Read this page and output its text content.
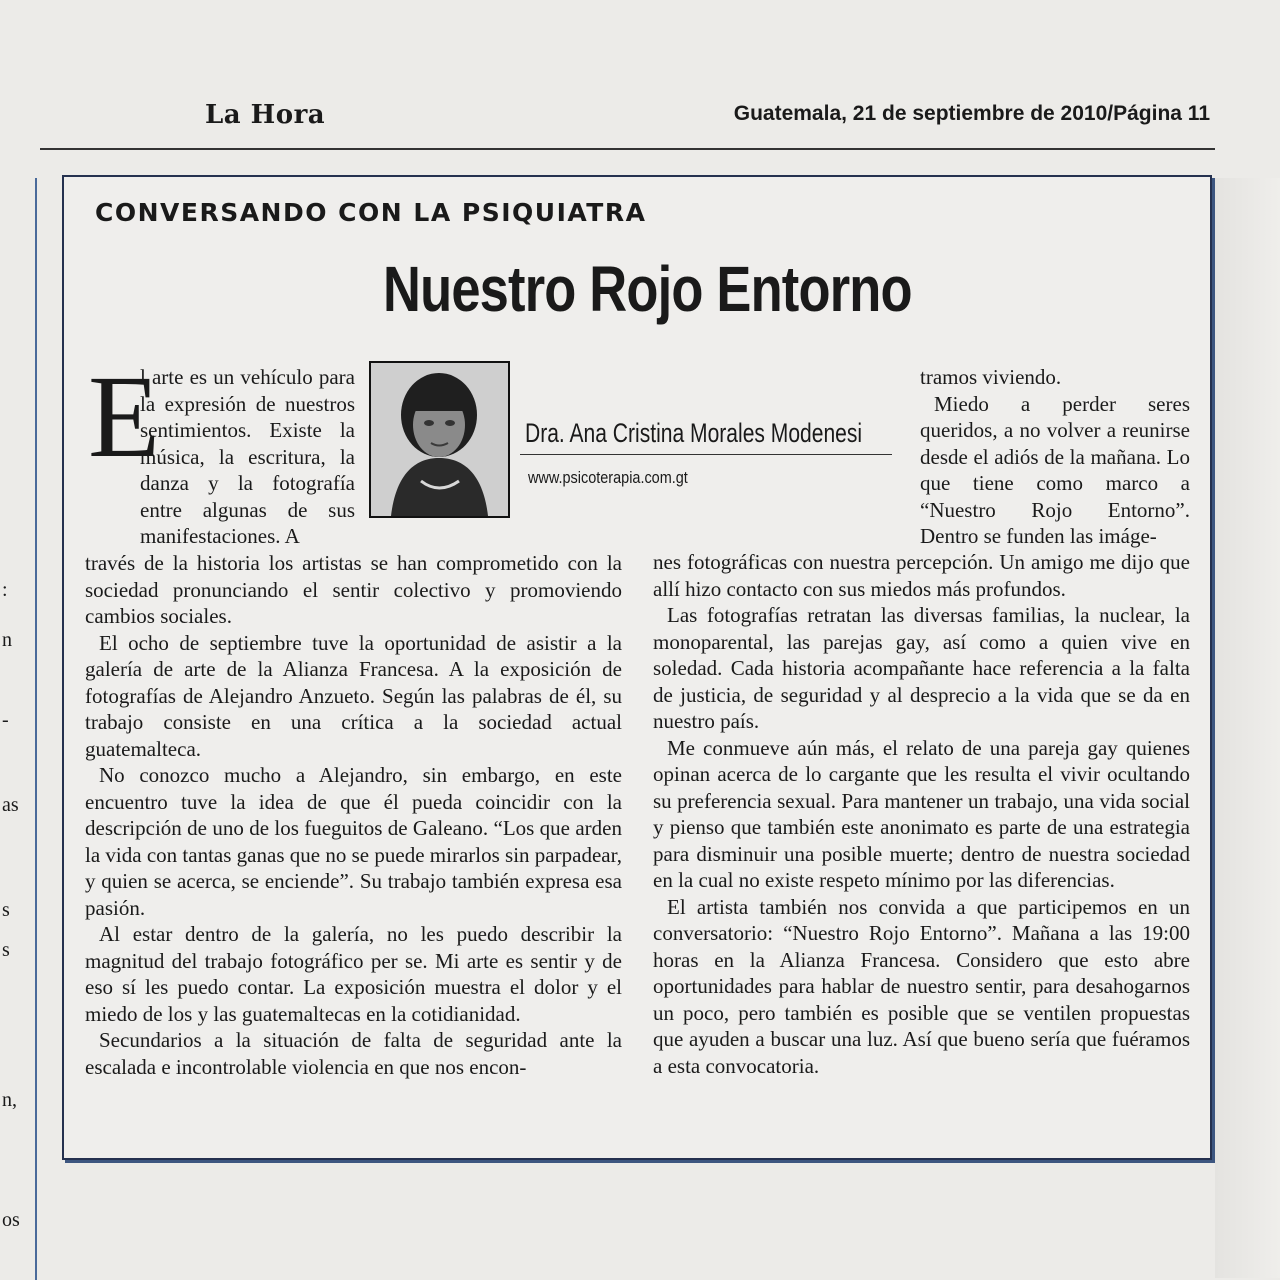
La Hora	Guatemala, 21 de septiembre de 2010/Página 11
:
n
-
as
s
s
n,
os
CONVERSANDO CON LA PSIQUIATRA
Nuestro Rojo Entorno
Dra. Ana Cristina Morales Modenesi
www.psicoterapia.com.gt
E

l arte es un vehículo para la expresión de nuestros sentimientos. Existe la música, la escritura, la danza y la fotografía entre algunas de sus manifestaciones. A

través de la historia los artistas se han comprometido con la sociedad pronunciando el sentir colectivo y promoviendo cambios sociales.

El ocho de septiembre tuve la oportunidad de asistir a la galería de arte de la Alianza Francesa. A la exposición de fotografías de Alejandro Anzueto. Según las palabras de él, su trabajo consiste en una crítica a la sociedad actual guatemalteca.

No conozco mucho a Alejandro, sin embargo, en este encuentro tuve la idea de que él pueda coincidir con la descripción de uno de los fueguitos de Galeano. “Los que arden la vida con tantas ganas que no se puede mirarlos sin parpadear, y quien se acerca, se enciende”. Su trabajo también expresa esa pasión.

Al estar dentro de la galería, no les puedo describir la magnitud del trabajo fotográfico per se. Mi arte es sentir y de eso sí les puedo contar. La exposición muestra el dolor y el miedo de los y las guatemaltecas en la cotidianidad.

Secundarios a la situación de falta de seguridad ante la escalada e incontrolable violencia en que nos encon-

tramos viviendo.

Miedo a perder seres queridos, a no volver a reunirse desde el adiós de la mañana. Lo que tiene como marco a “Nuestro Rojo Entorno”. Dentro se funden las imáge-

nes fotográficas con nuestra percepción. Un amigo me dijo que allí hizo contacto con sus miedos más profundos.

Las fotografías retratan las diversas familias, la nuclear, la monoparental, las parejas gay, así como a quien vive en soledad. Cada historia acompañante hace referencia a la falta de justicia, de seguridad y al desprecio a la vida que se da en nuestro país.

Me conmueve aún más, el relato de una pareja gay quienes opinan acerca de lo cargante que les resulta el vivir ocultando su preferencia sexual. Para mantener un trabajo, una vida social y pienso que también este anonimato es parte de una estrategia para disminuir una posible muerte; dentro de nuestra sociedad en la cual no existe respeto mínimo por las diferencias.

El artista también nos convida a que participemos en un conversatorio: “Nuestro Rojo Entorno”. Mañana a las 19:00 horas en la Alianza Francesa. Considero que esto abre oportunidades para hablar de nuestro sentir, para desahogarnos un poco, pero también es posible que se ventilen propuestas que ayuden a buscar una luz. Así que bueno sería que fuéramos a esta convocatoria.
